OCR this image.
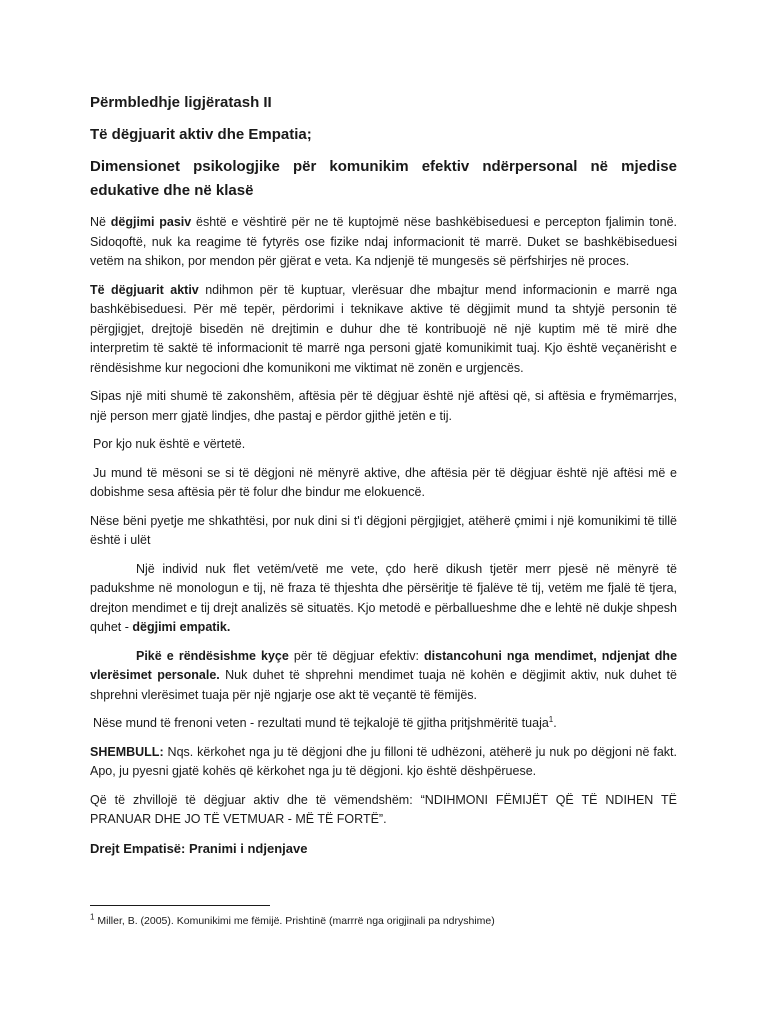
Përmbledhje ligjëratash II
Të dëgjuarit aktiv dhe Empatia;
Dimensionet psikologjike për komunikim efektiv ndërpersonal në mjedise edukative dhe në klasë

Në dëgjimi pasiv është e vështirë për ne të kuptojmë nëse bashkëbiseduesi e percepton fjalimin tonë. Sidoqoftë, nuk ka reagime të fytyrës ose fizike ndaj informacionit të marrë. Duket se bashkëbiseduesi vetëm na shikon, por mendon për gjërat e veta. Ka ndjenjë të mungesës së përfshirjes në proces.

Të dëgjuarit aktiv ndihmon për të kuptuar, vlerësuar dhe mbajtur mend informacionin e marrë nga bashkëbiseduesi. Për më tepër, përdorimi i teknikave aktive të dëgjimit mund ta shtyjë personin të përgjigjet, drejtojë bisedën në drejtimin e duhur dhe të kontribuojë në një kuptim më të mirë dhe interpretim të saktë të informacionit të marrë nga personi gjatë komunikimit tuaj. Kjo është veçanërisht e rëndësishme kur negocioni dhe komunikoni me viktimat në zonën e urgjencës.

Sipas një miti shumë të zakonshëm, aftësia për të dëgjuar është një aftësi që, si aftësia e frymëmarrjes, një person merr gjatë lindjes, dhe pastaj e përdor gjithë jetën e tij.

Por kjo nuk është e vërtetë.

Ju mund të mësoni se si të dëgjoni në mënyrë aktive, dhe aftësia për të dëgjuar është një aftësi më e dobishme sesa aftësia për të folur dhe bindur me elokuencë.

Nëse bëni pyetje me shkathtësi, por nuk dini si t'i dëgjoni përgjigjet, atëherë çmimi i një komunikimi të tillë është i ulët

Një individ nuk flet vetëm/vetë me vete, çdo herë dikush tjetër merr pjesë në mënyrë të padukshme në monologun e tij, në fraza të thjeshta dhe përsëritje të fjalëve të tij, vetëm me fjalë të tjera, drejton mendimet e tij drejt analizës së situatës. Kjo metodë e përballueshme dhe e lehtë në dukje shpesh quhet - dëgjimi empatik.

Pikë e rëndësishme kyçe për të dëgjuar efektiv: distancohuni nga mendimet, ndjenjat dhe vlerësimet personale. Nuk duhet të shprehni mendimet tuaja në kohën e dëgjimit aktiv, nuk duhet të shprehni vlerësimet tuaja për një ngjarje ose akt të veçantë të fëmijës.

Nëse mund të frenoni veten - rezultati mund të tejkalojë të gjitha pritjshmëritë tuaja$^1$.

SHEMBULL: Nqs. kërkohet nga ju të dëgjoni dhe ju filloni të udhëzoni, atëherë ju nuk po dëgjoni në fakt. Apo, ju pyesni gjatë kohës që kërkohet nga ju të dëgjoni. kjo është dëshpëruese.

Që të zhvillojë të dëgjuar aktiv dhe të vëmendshëm: “NDIHMONI FËMIJËT QË TË NDIHEN TË PRANUAR DHE JO TË VETMUAR - MË TË FORTË”.

Drejt Empatisë: Pranimi i ndjenjave

$^1$ Miller, B. (2005). Komunikimi me fëmijë. Prishtinë (marrrë nga origjinali pa ndryshime)
